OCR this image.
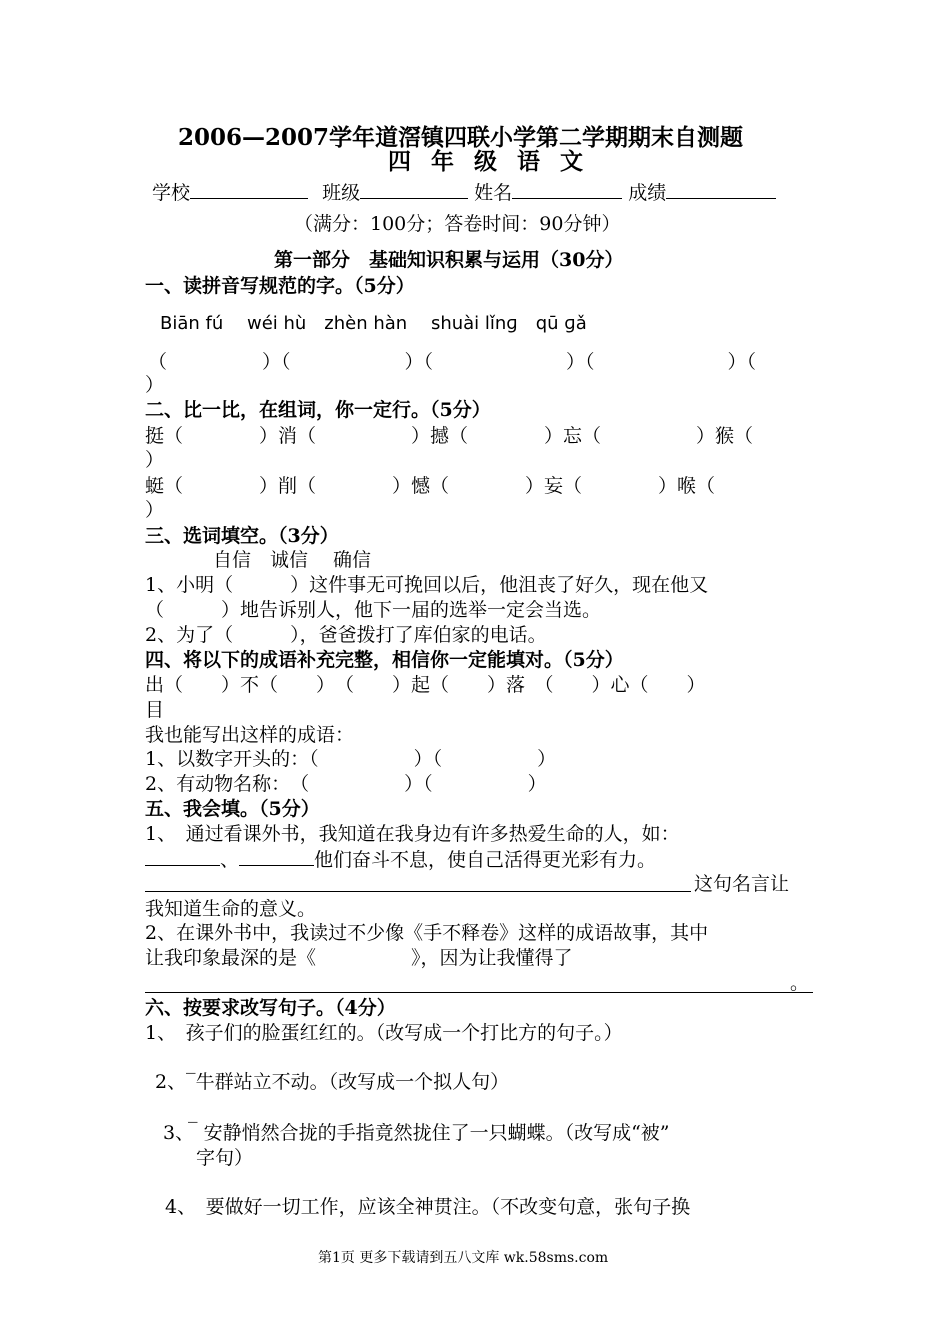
2006—2007学年道滘镇四联小学第二学期期末自测题
四 年 级 语 文
学校	班级	姓名	成绩
（满分：100分；答卷时间：90分钟）
第一部分　基础知识积累与运用（30分）
一、读拼音写规范的字。（5分）
Biān fú　 wéi hù　zhèn hàn　 shuài lǐnɡ　qū ɡǎ
（　　　　　）（　　　　　　）（　　　　　　　）（　　　　　　　）（
）
二、比一比，在组词，你一定行。（5分）
挺（　　　　）消（　　　　　）撼（　　　　）忘（　　　　　）猴（
）
蜓（　　　　）削（　　　　）憾（　　　　）妄（　　　　）喉（
）
三、选词填空。（3分）
自信　诚信　 确信
1、小明（　　　）这件事无可挽回以后，他沮丧了好久，现在他又
（　　　）地告诉别人，他下一届的选举一定会当选。
2、为了（　　　），爸爸拨打了库伯家的电话。
四、将以下的成语补充完整，相信你一定能填对。（5分）
出（　　）不（　　）　（　　）起（　　）落　（　　）心（　　）
目
我也能写出这样的成语：
1、以数字开头的：（　　　　　）（　　　　　）
2、有动物名称：　（　　　　　）（　　　　　）
五、我会填。（5分）
1、　通过看课外书，我知道在我身边有许多热爱生命的人，如：
、	他们奋斗不息，使自己活得更光彩有力。
这句名言让
我知道生命的意义。
2、在课外书中，我读过不少像《手不释卷》这样的成语故事，其中
让我印象最深的是《　　　　　》，因为让我懂得了
。
六、按要求改写句子。（4分）
1、　孩子们的脸蛋红红的。（改写成一个打比方的句子。）
_
2、　牛群站立不动。（改写成一个拟人句）
_
3、　安静悄然合拢的手指竟然拢住了一只蝴蝶。（改写成“被”
字句）
4、　要做好一切工作，应该全神贯注。（不改变句意，张句子换
第1页 更多下载请到五八文库 wk.58sms.com
